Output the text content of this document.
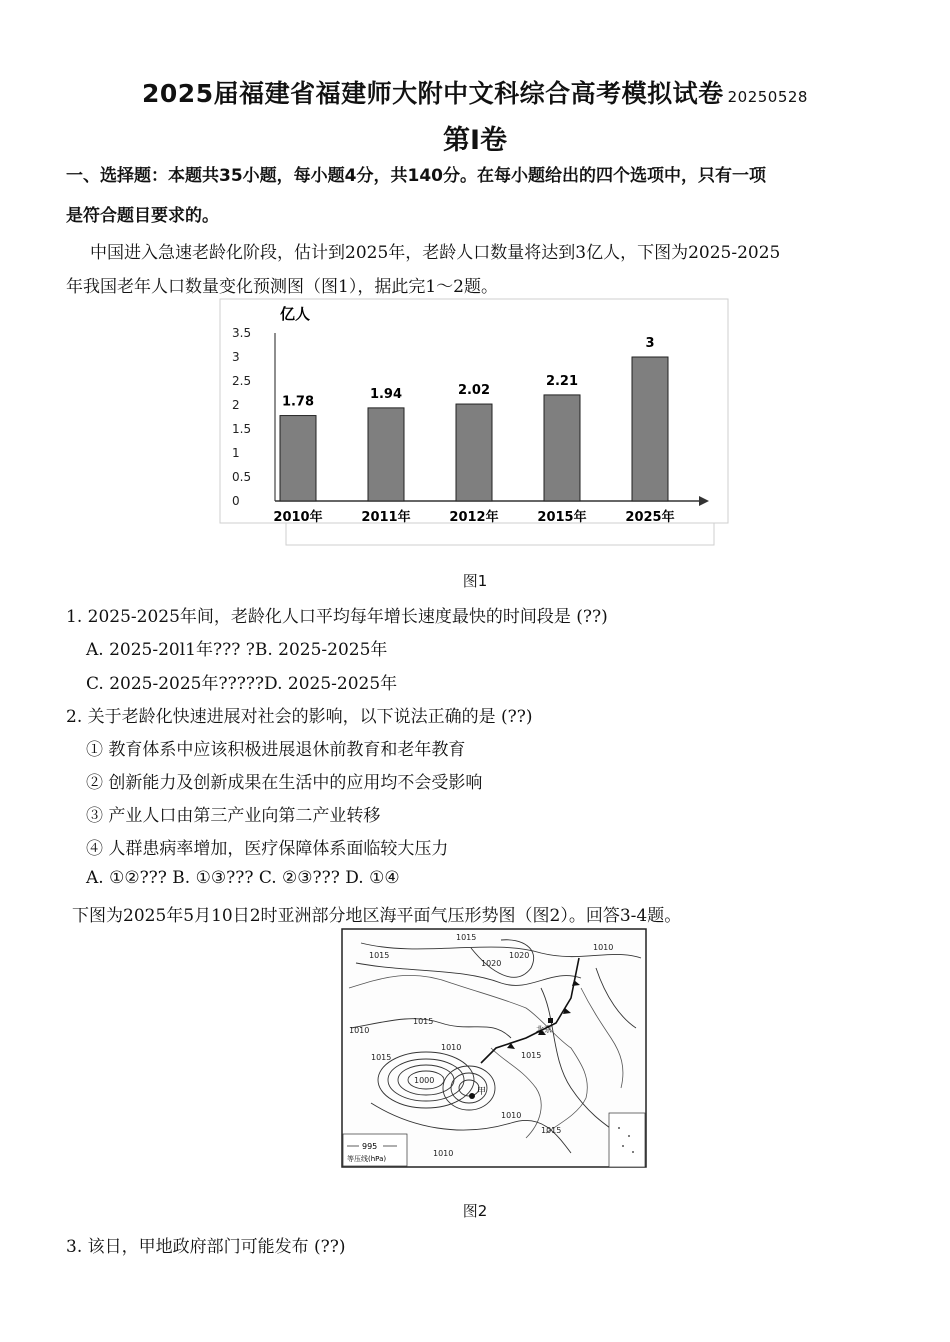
2025届福建省福建师大附中文科综合高考模拟试卷 20250528
第I卷
一、选择题：本题共35小题，每小题4分，共140分。在每小题给出的四个选项中，只有一项
是符合题目要求的。
中国进入急速老龄化阶段，估计到2025年，老龄人口数量将达到3亿人，下图为2025-2025
年我国老年人口数量变化预测图（图1），据此完1～2题。
亿人
3.5
3
2.5
2
1.5
1
0.5
0
1.78
1.94	2.02
2.21
3
2010年	2011年	2012年	2015年	2025年
图1
1. 2025-2025年间，老龄化人口平均每年增长速度最快的时间段是 (??)
A. 2025-20l1年??? ?B. 2025-2025年
C. 2025-2025年?????D. 2025-2025年
2. 关于老龄化快速进展对社会的影响，以下说法正确的是 (??)
① 教育体系中应该积极进展退休前教育和老年教育
② 创新能力及创新成果在生活中的应用均不会受影响
③ 产业人口由第三产业向第二产业转移
④ 人群患病率增加，医疗保障体系面临较大压力
A. ①②??? B. ①③??? C. ②③??? D. ①④
下图为2025年5月10日2时亚洲部分地区海平面气压形势图（图2）。回答3-4题。
1015
1015
1020
1020
1010
1010
1015
1010
1015
1000
1010
1015
1015
1010
甲
北京
995
等压线(hPa)
图2
3. 该日，甲地政府部门可能发布 (??)
